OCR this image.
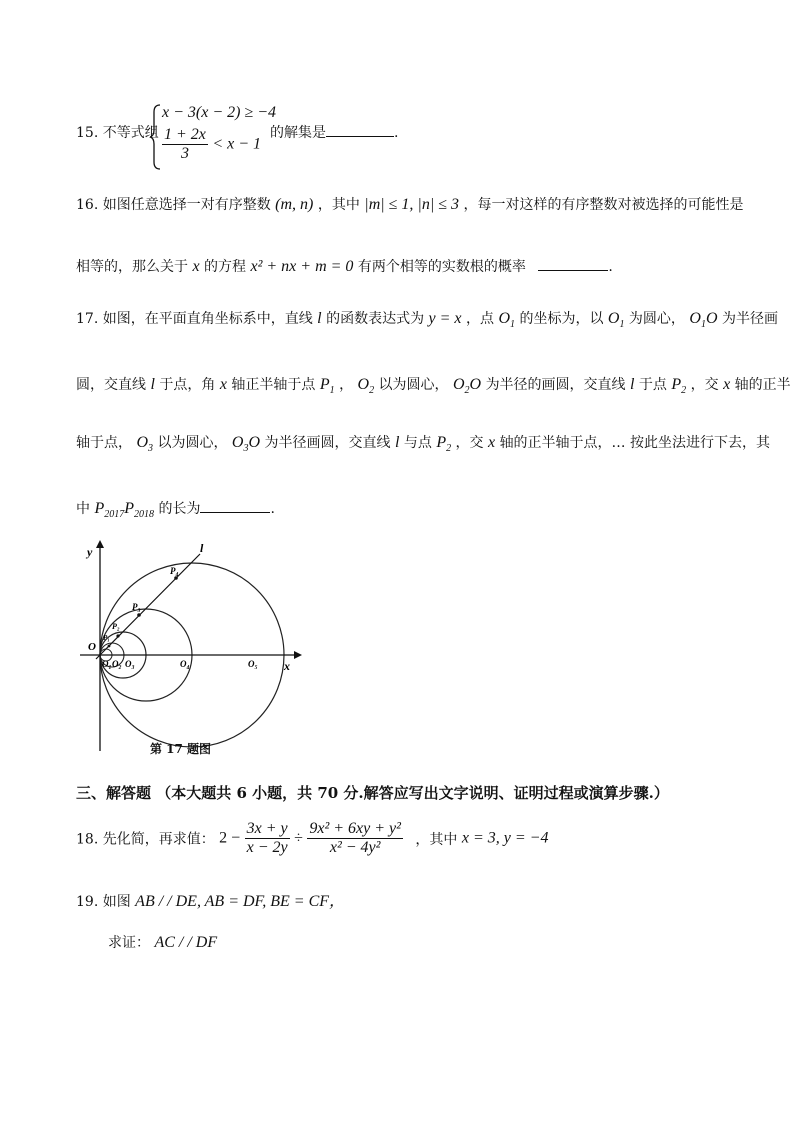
15. 不等式组
x − 3(x − 2) ≥ −4
$\frac{1 + 2x}{3} < x - 1$
的解集是	.
16. 如图任意选择一对有序整数 (m, n) ，其中 |m| ≤ 1, |n| ≤ 3 ，每一对这样的有序整数对被选择的可能性是
相等的，那么关于 x 的方程 x² + nx + m = 0 有两个相等的实数根的概率	.
17. 如图，在平面直角坐标系中，直线 l 的函数表达式为 y = x ，点 $O_1$ 的坐标为，以 $O_1$ 为圆心， $O_1O$ 为半径画
圆，交直线 l 于点，角 x 轴正半轴于点 $P_1$ ， $O_2$ 以为圆心， $O_2O$ 为半径的画圆，交直线 l 于点 $P_2$ ，交 x 轴的正半
轴于点， $O_3$ 以为圆心， $O_3O$ 为半径画圆，交直线 l 与点 $P_2$ ，交 x 轴的正半轴于点，… 按此坐法进行下去，其
中 $P_{2017}P_{2018}$ 的长为	.
y
x
l
O
O₁ O₂ O₃	O₄	O₅
P₄
P₃
P₂
P₁
第 17 题图
三、解答题 （本大题共 6 小题，共 70 分.解答应写出文字说明、证明过程或演算步骤.）
18. 先化简，再求值： $2 - \frac{3x + y}{x - 2y} \div \frac{\text{9x² + 6xy + y²}}{\text{x² − 4y²}}$ ，其中 x = 3, y = −4
19. 如图 AB / / DE, AB = DF, BE = CF，
求证： AC / / DF
